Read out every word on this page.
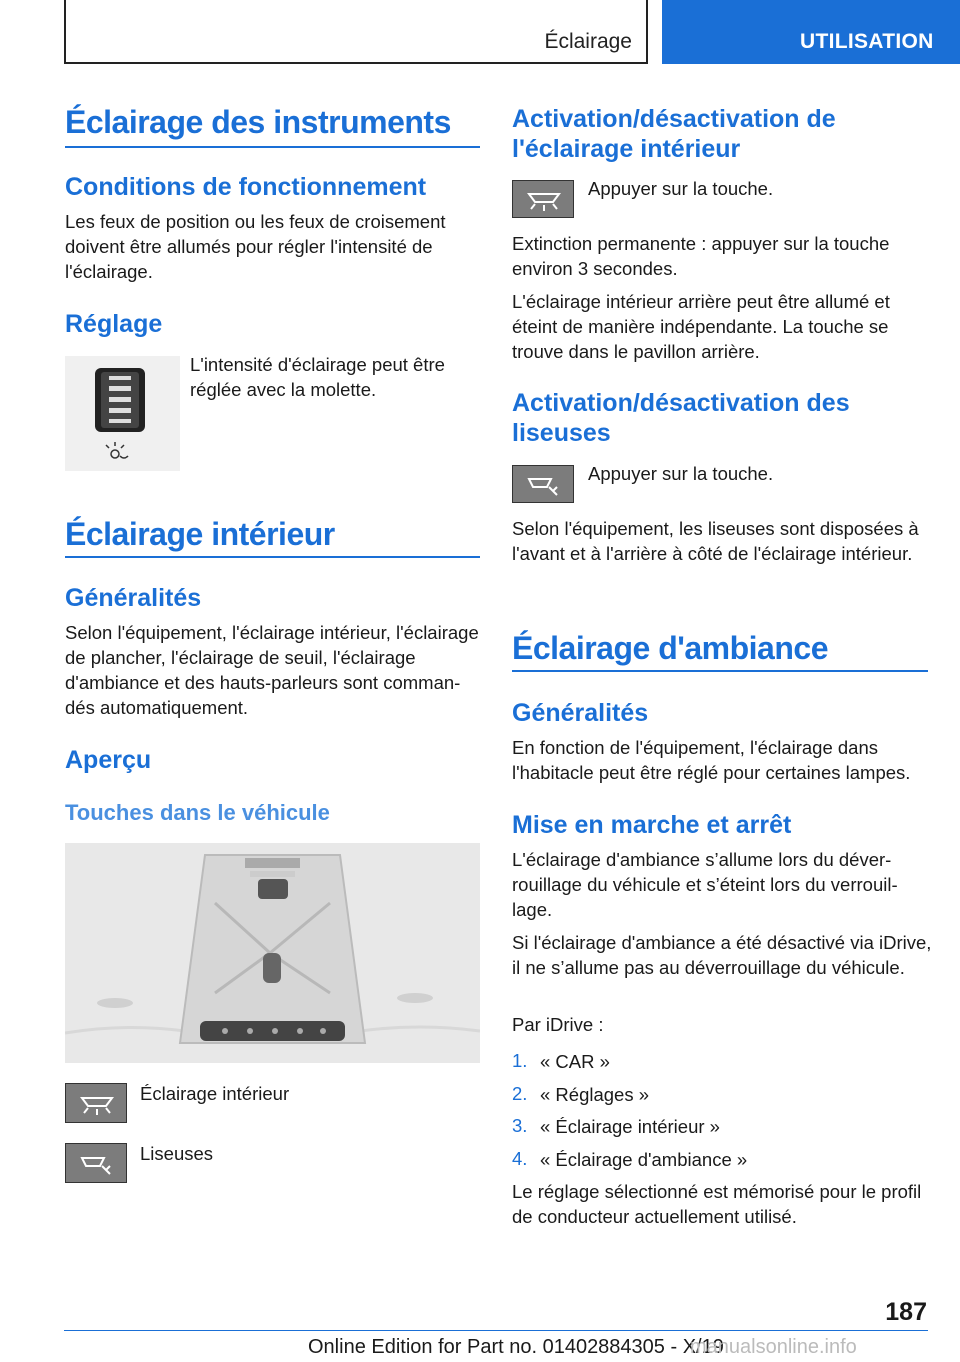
Éclairage	UTILISATION
Éclairage des instruments
Conditions de fonctionnement
Les feux de position ou les feux de croisement doivent être allumés pour régler l'intensité de l'éclairage.
Réglage
L'intensité d'éclairage peut être réglée avec la molette.
Éclairage intérieur
Généralités
Selon l'équipement, l'éclairage intérieur, l'éclairage de plancher, l'éclairage de seuil, l'éclairage d'ambiance et des hauts-parleurs sont commandés automatiquement.
Aperçu
Touches dans le véhicule
Éclairage intérieur
Liseuses
Activation/désactivation de l'éclairage intérieur
Appuyer sur la touche.
Extinction permanente : appuyer sur la touche environ 3 secondes.
L'éclairage intérieur arrière peut être allumé et éteint de manière indépendante. La touche se trouve dans le pavillon arrière.
Activation/désactivation des liseuses
Appuyer sur la touche.
Selon l'équipement, les liseuses sont disposées à l'avant et à l'arrière à côté de l'éclairage intérieur.
Éclairage d'ambiance
Généralités
En fonction de l'équipement, l'éclairage dans l'habitacle peut être réglé pour certaines lampes.
Mise en marche et arrêt
L'éclairage d'ambiance s’allume lors du déverrouillage du véhicule et s’éteint lors du verrouillage.
Si l'éclairage d'ambiance a été désactivé via iDrive, il ne s’allume pas au déverrouillage du véhicule.
Par iDrive :
1. « CAR »
2. « Réglages »
3. « Éclairage intérieur »
4. « Éclairage d'ambiance »
Le réglage sélectionné est mémorisé pour le profil de conducteur actuellement utilisé.
187
Online Edition for Part no. 01402884305 - X/19
manualsonline.info
